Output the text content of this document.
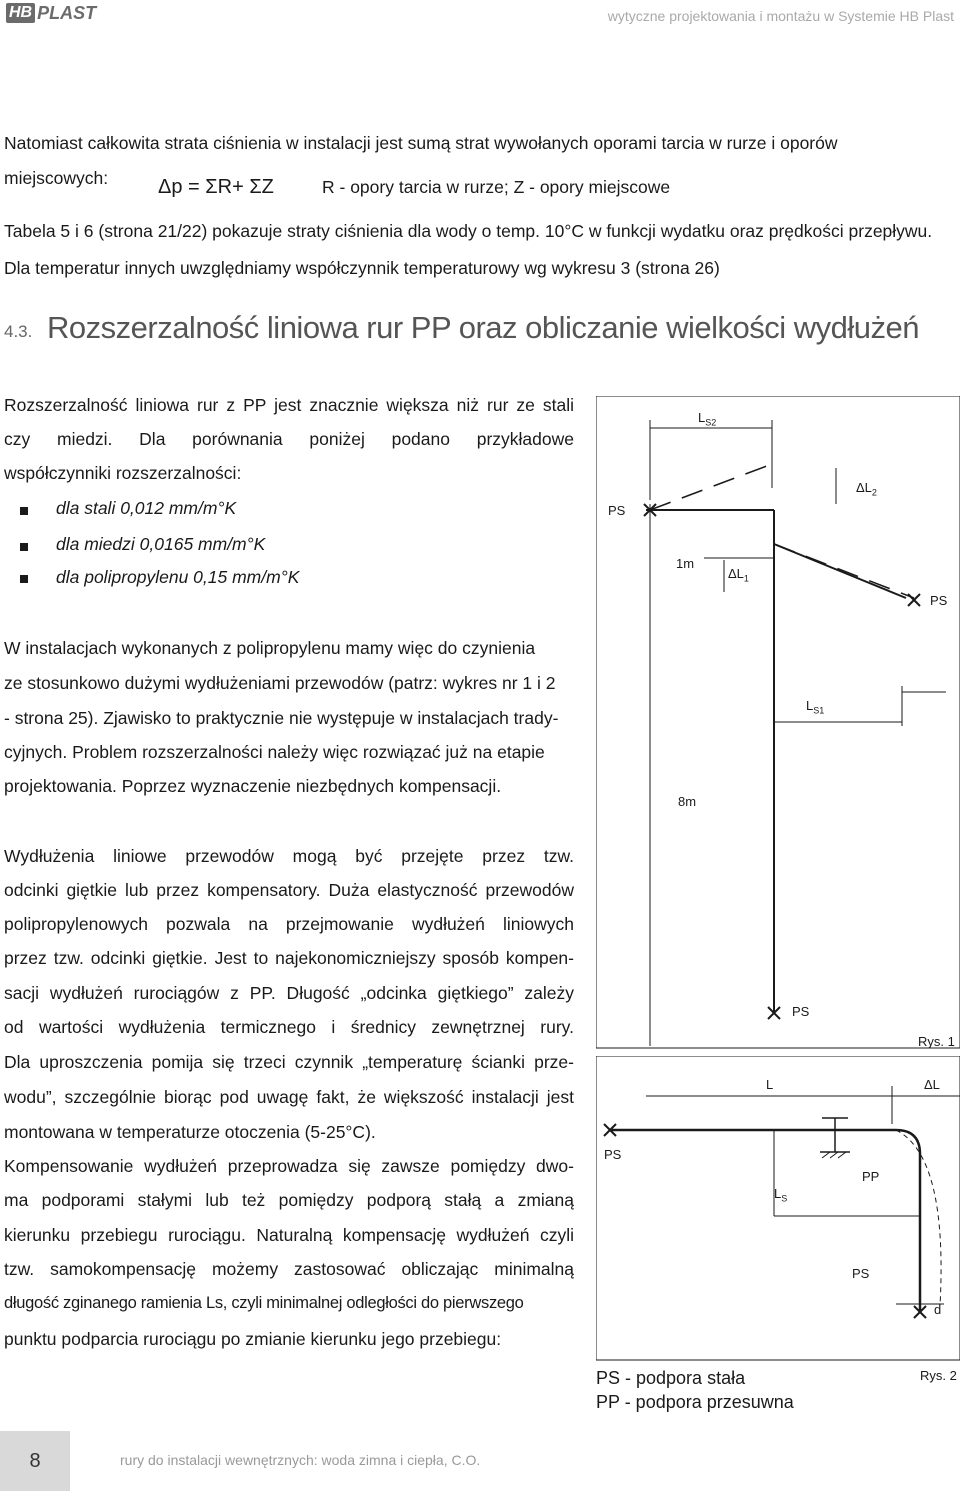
HB PLAST	wytyczne projektowania i montażu w Systemie HB Plast
Natomiast całkowita strata ciśnienia w instalacji jest sumą strat wywołanych oporami tarcia w rurze i oporów
miejscowych: Δp = ΣR+ ΣZ	R - opory tarcia w rurze; Z - opory miejscowe
Tabela 5 i 6 (strona 21/22) pokazuje straty ciśnienia dla wody o temp. 10°C w funkcji wydatku oraz prędkości przepływu.
Dla temperatur innych uwzględniamy współczynnik temperaturowy wg wykresu 3 (strona 26)
4.3. Rozszerzalność liniowa rur PP oraz obliczanie wielkości wydłużeń
Rozszerzalność liniowa rur z PP jest znacznie większa niż rur ze stali
czy miedzi. Dla porównania poniżej podano przykładowe
współczynniki rozszerzalności:
dla stali 0,012 mm/m°K
dla miedzi 0,0165 mm/m°K
dla polipropylenu 0,15 mm/m°K
W instalacjach wykonanych z polipropylenu mamy więc do czynienia
ze stosunkowo dużymi wydłużeniami przewodów (patrz: wykres nr 1 i 2
- strona 25). Zjawisko to praktycznie nie występuje w instalacjach trady-
cyjnych. Problem rozszerzalności należy więc rozwiązać już na etapie
projektowania. Poprzez wyznaczenie niezbędnych kompensacji.
Wydłużenia liniowe przewodów mogą być przejęte przez tzw.
odcinki giętkie lub przez kompensatory. Duża elastyczność przewodów
polipropylenowych pozwala na przejmowanie wydłużeń liniowych
przez tzw. odcinki giętkie. Jest to najekonomiczniejszy sposób kompen-
sacji wydłużeń rurociągów z PP. Długość „odcinka giętkiego” zależy
od wartości wydłużenia termicznego i średnicy zewnętrznej rury.
Dla uproszczenia pomija się trzeci czynnik „temperaturę ścianki prze-
wodu”, szczególnie biorąc pod uwagę fakt, że większość instalacji jest
montowana w temperaturze otoczenia (5-25°C).
Kompensowanie wydłużeń przeprowadza się zawsze pomiędzy dwo-
ma podporami stałymi lub też pomiędzy podporą stałą a zmianą
kierunku przebiegu rurociągu. Naturalną kompensację wydłużeń czyli
tzw. samokompensację możemy zastosować obliczając minimalną
długość zginanego ramienia Ls, czyli minimalnej odległości do pierwszego
punktu podparcia rurociągu po zmianie kierunku jego przebiegu:
$L_{S2}$
$\Delta L_2$
PS
1m
$\Delta L_1$
PS
$L_{S1}$
8m
PS
Rys. 1
L	ΔL
PS
PP
$L_S$
PS
d
Rys. 2
PS - podpora stała
PP - podpora przesuwna
8	rury do instalacji wewnętrznych: woda zimna i ciepła, C.O.
